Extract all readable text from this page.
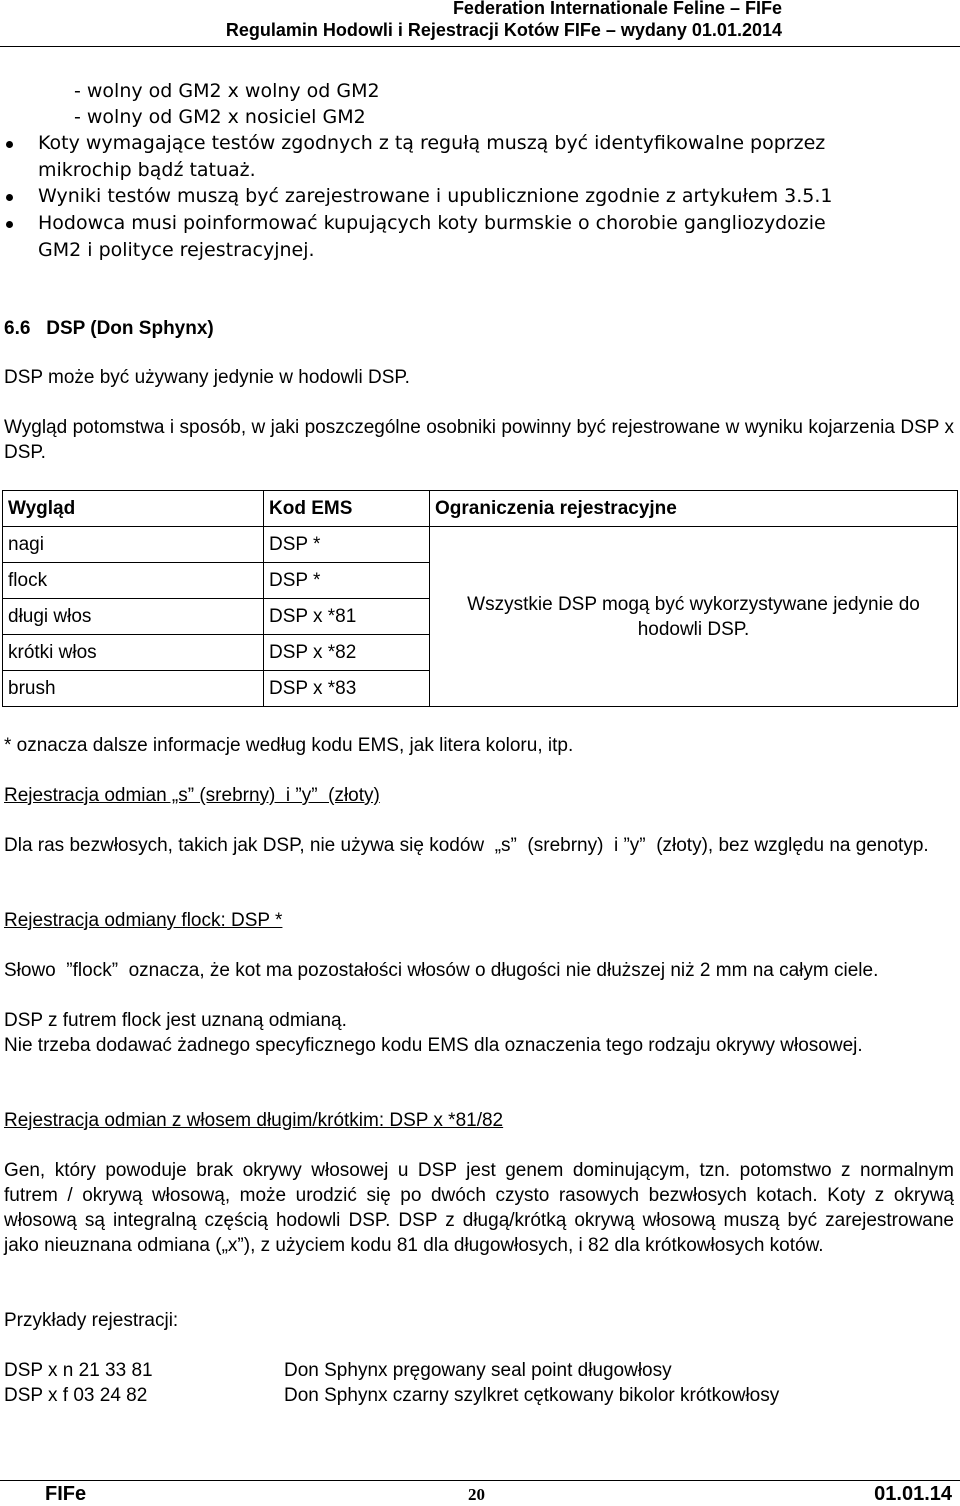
Federation Internationale Feline – FIFe
Regulamin Hodowli i Rejestracji Kotów FIFe – wydany 01.01.2014
- wolny od GM2 x wolny od GM2
- wolny od GM2 x nosiciel GM2
Koty wymagające testów zgodnych z tą regułą muszą być identyfikowalne poprzez
mikrochip bądź tatuaż.
Wyniki testów muszą być zarejestrowane i upublicznione zgodnie z artykułem 3.5.1
Hodowca musi poinformować kupujących koty burmskie o chorobie gangliozydozie
GM2 i polityce rejestracyjnej.
6.6   DSP (Don Sphynx)
DSP może być używany jedynie w hodowli DSP.
Wygląd potomstwa i sposób, w jaki poszczególne osobniki powinny być rejestrowane w wyniku kojarzenia DSP x DSP.
Wygląd	Kod EMS	Ograniczenia rejestracyjne
nagi	DSP *	Wszystkie DSP mogą być wykorzystywane jedynie do hodowli DSP.
flock	DSP *	
długi włos	DSP x *81	
krótki włos	DSP x *82	
brush	DSP x *83	
* oznacza dalsze informacje według kodu EMS, jak litera koloru, itp.
Rejestracja odmian „s” (srebrny)  i ”y”  (złoty)
Dla ras bezwłosych, takich jak DSP, nie używa się kodów  „s”  (srebrny)  i ”y”  (złoty), bez względu na genotyp.
Rejestracja odmiany flock: DSP *
Słowo  ”flock”  oznacza, że kot ma pozostałości włosów o długości nie dłuższej niż 2 mm na całym ciele.
DSP z futrem flock jest uznaną odmianą.
Nie trzeba dodawać żadnego specyficznego kodu EMS dla oznaczenia tego rodzaju okrywy włosowej.
Rejestracja odmian z włosem długim/krótkim: DSP x *81/82
Gen, który powoduje brak okrywy włosowej u DSP jest genem dominującym, tzn. potomstwo z normalnym futrem / okrywą włosową, może urodzić się po dwóch czysto rasowych bezwłosych kotach. Koty z okrywą włosową są integralną częścią hodowli DSP. DSP z długą/krótką okrywą włosową muszą być zarejestrowane jako nieuznana odmiana („x”), z użyciem kodu 81 dla długowłosych, i 82 dla krótkowłosych kotów.
Przykłady rejestracji:
DSP x n 21 33 81	Don Sphynx pręgowany seal point długowłosy
DSP x f 03 24 82	Don Sphynx czarny szylkret cętkowany bikolor krótkowłosy
FIFe	20	01.01.14
